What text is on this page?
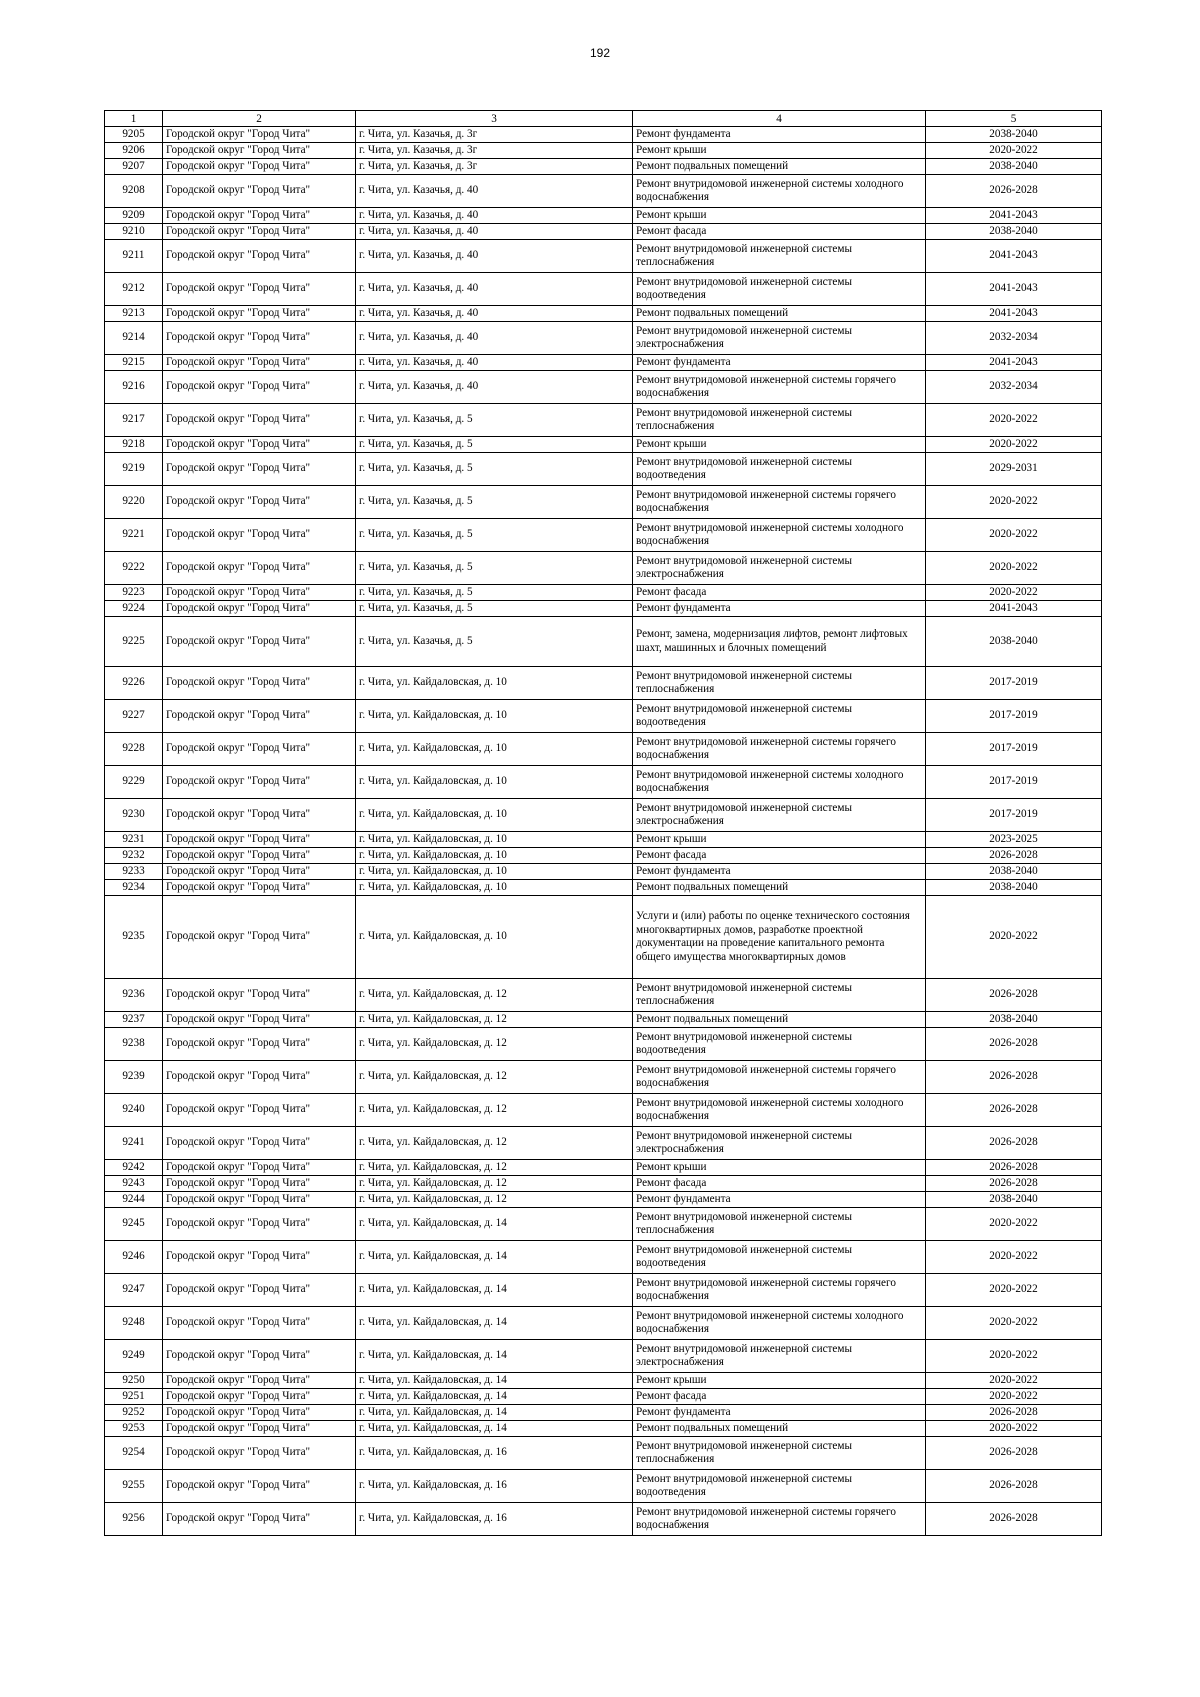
192
1	2	3	4	5
9205	Городской округ "Город Чита"	г. Чита, ул. Казачья, д. 3г	Ремонт фундамента	2038-2040
9206	Городской округ "Город Чита"	г. Чита, ул. Казачья, д. 3г	Ремонт крыши	2020-2022
9207	Городской округ "Город Чита"	г. Чита, ул. Казачья, д. 3г	Ремонт подвальных помещений	2038-2040
9208	Городской округ "Город Чита"	г. Чита, ул. Казачья, д. 40	Ремонт внутридомовой инженерной системы холодного водоснабжения	2026-2028
9209	Городской округ "Город Чита"	г. Чита, ул. Казачья, д. 40	Ремонт крыши	2041-2043
9210	Городской округ "Город Чита"	г. Чита, ул. Казачья, д. 40	Ремонт фасада	2038-2040
9211	Городской округ "Город Чита"	г. Чита, ул. Казачья, д. 40	Ремонт внутридомовой инженерной системы теплоснабжения	2041-2043
9212	Городской округ "Город Чита"	г. Чита, ул. Казачья, д. 40	Ремонт внутридомовой инженерной системы водоотведения	2041-2043
9213	Городской округ "Город Чита"	г. Чита, ул. Казачья, д. 40	Ремонт подвальных помещений	2041-2043
9214	Городской округ "Город Чита"	г. Чита, ул. Казачья, д. 40	Ремонт внутридомовой инженерной системы электроснабжения	2032-2034
9215	Городской округ "Город Чита"	г. Чита, ул. Казачья, д. 40	Ремонт фундамента	2041-2043
9216	Городской округ "Город Чита"	г. Чита, ул. Казачья, д. 40	Ремонт внутридомовой инженерной системы горячего водоснабжения	2032-2034
9217	Городской округ "Город Чита"	г. Чита, ул. Казачья, д. 5	Ремонт внутридомовой инженерной системы теплоснабжения	2020-2022
9218	Городской округ "Город Чита"	г. Чита, ул. Казачья, д. 5	Ремонт крыши	2020-2022
9219	Городской округ "Город Чита"	г. Чита, ул. Казачья, д. 5	Ремонт внутридомовой инженерной системы водоотведения	2029-2031
9220	Городской округ "Город Чита"	г. Чита, ул. Казачья, д. 5	Ремонт внутридомовой инженерной системы горячего водоснабжения	2020-2022
9221	Городской округ "Город Чита"	г. Чита, ул. Казачья, д. 5	Ремонт внутридомовой инженерной системы холодного водоснабжения	2020-2022
9222	Городской округ "Город Чита"	г. Чита, ул. Казачья, д. 5	Ремонт внутридомовой инженерной системы электроснабжения	2020-2022
9223	Городской округ "Город Чита"	г. Чита, ул. Казачья, д. 5	Ремонт фасада	2020-2022
9224	Городской округ "Город Чита"	г. Чита, ул. Казачья, д. 5	Ремонт фундамента	2041-2043
9225	Городской округ "Город Чита"	г. Чита, ул. Казачья, д. 5	Ремонт, замена, модернизация лифтов, ремонт лифтовых шахт, машинных и блочных помещений	2038-2040
9226	Городской округ "Город Чита"	г. Чита, ул. Кайдаловская, д. 10	Ремонт внутридомовой инженерной системы теплоснабжения	2017-2019
9227	Городской округ "Город Чита"	г. Чита, ул. Кайдаловская, д. 10	Ремонт внутридомовой инженерной системы водоотведения	2017-2019
9228	Городской округ "Город Чита"	г. Чита, ул. Кайдаловская, д. 10	Ремонт внутридомовой инженерной системы горячего водоснабжения	2017-2019
9229	Городской округ "Город Чита"	г. Чита, ул. Кайдаловская, д. 10	Ремонт внутридомовой инженерной системы холодного водоснабжения	2017-2019
9230	Городской округ "Город Чита"	г. Чита, ул. Кайдаловская, д. 10	Ремонт внутридомовой инженерной системы электроснабжения	2017-2019
9231	Городской округ "Город Чита"	г. Чита, ул. Кайдаловская, д. 10	Ремонт крыши	2023-2025
9232	Городской округ "Город Чита"	г. Чита, ул. Кайдаловская, д. 10	Ремонт фасада	2026-2028
9233	Городской округ "Город Чита"	г. Чита, ул. Кайдаловская, д. 10	Ремонт фундамента	2038-2040
9234	Городской округ "Город Чита"	г. Чита, ул. Кайдаловская, д. 10	Ремонт подвальных помещений	2038-2040
9235	Городской округ "Город Чита"	г. Чита, ул. Кайдаловская, д. 10	Услуги и (или) работы по оценке технического состояния многоквартирных домов, разработке проектной документации на проведение капитального ремонта общего имущества многоквартирных домов	2020-2022
9236	Городской округ "Город Чита"	г. Чита, ул. Кайдаловская, д. 12	Ремонт внутридомовой инженерной системы теплоснабжения	2026-2028
9237	Городской округ "Город Чита"	г. Чита, ул. Кайдаловская, д. 12	Ремонт подвальных помещений	2038-2040
9238	Городской округ "Город Чита"	г. Чита, ул. Кайдаловская, д. 12	Ремонт внутридомовой инженерной системы водоотведения	2026-2028
9239	Городской округ "Город Чита"	г. Чита, ул. Кайдаловская, д. 12	Ремонт внутридомовой инженерной системы горячего водоснабжения	2026-2028
9240	Городской округ "Город Чита"	г. Чита, ул. Кайдаловская, д. 12	Ремонт внутридомовой инженерной системы холодного водоснабжения	2026-2028
9241	Городской округ "Город Чита"	г. Чита, ул. Кайдаловская, д. 12	Ремонт внутридомовой инженерной системы электроснабжения	2026-2028
9242	Городской округ "Город Чита"	г. Чита, ул. Кайдаловская, д. 12	Ремонт крыши	2026-2028
9243	Городской округ "Город Чита"	г. Чита, ул. Кайдаловская, д. 12	Ремонт фасада	2026-2028
9244	Городской округ "Город Чита"	г. Чита, ул. Кайдаловская, д. 12	Ремонт фундамента	2038-2040
9245	Городской округ "Город Чита"	г. Чита, ул. Кайдаловская, д. 14	Ремонт внутридомовой инженерной системы теплоснабжения	2020-2022
9246	Городской округ "Город Чита"	г. Чита, ул. Кайдаловская, д. 14	Ремонт внутридомовой инженерной системы водоотведения	2020-2022
9247	Городской округ "Город Чита"	г. Чита, ул. Кайдаловская, д. 14	Ремонт внутридомовой инженерной системы горячего водоснабжения	2020-2022
9248	Городской округ "Город Чита"	г. Чита, ул. Кайдаловская, д. 14	Ремонт внутридомовой инженерной системы холодного водоснабжения	2020-2022
9249	Городской округ "Город Чита"	г. Чита, ул. Кайдаловская, д. 14	Ремонт внутридомовой инженерной системы электроснабжения	2020-2022
9250	Городской округ "Город Чита"	г. Чита, ул. Кайдаловская, д. 14	Ремонт крыши	2020-2022
9251	Городской округ "Город Чита"	г. Чита, ул. Кайдаловская, д. 14	Ремонт фасада	2020-2022
9252	Городской округ "Город Чита"	г. Чита, ул. Кайдаловская, д. 14	Ремонт фундамента	2026-2028
9253	Городской округ "Город Чита"	г. Чита, ул. Кайдаловская, д. 14	Ремонт подвальных помещений	2020-2022
9254	Городской округ "Город Чита"	г. Чита, ул. Кайдаловская, д. 16	Ремонт внутридомовой инженерной системы теплоснабжения	2026-2028
9255	Городской округ "Город Чита"	г. Чита, ул. Кайдаловская, д. 16	Ремонт внутридомовой инженерной системы водоотведения	2026-2028
9256	Городской округ "Город Чита"	г. Чита, ул. Кайдаловская, д. 16	Ремонт внутридомовой инженерной системы горячего водоснабжения	2026-2028
